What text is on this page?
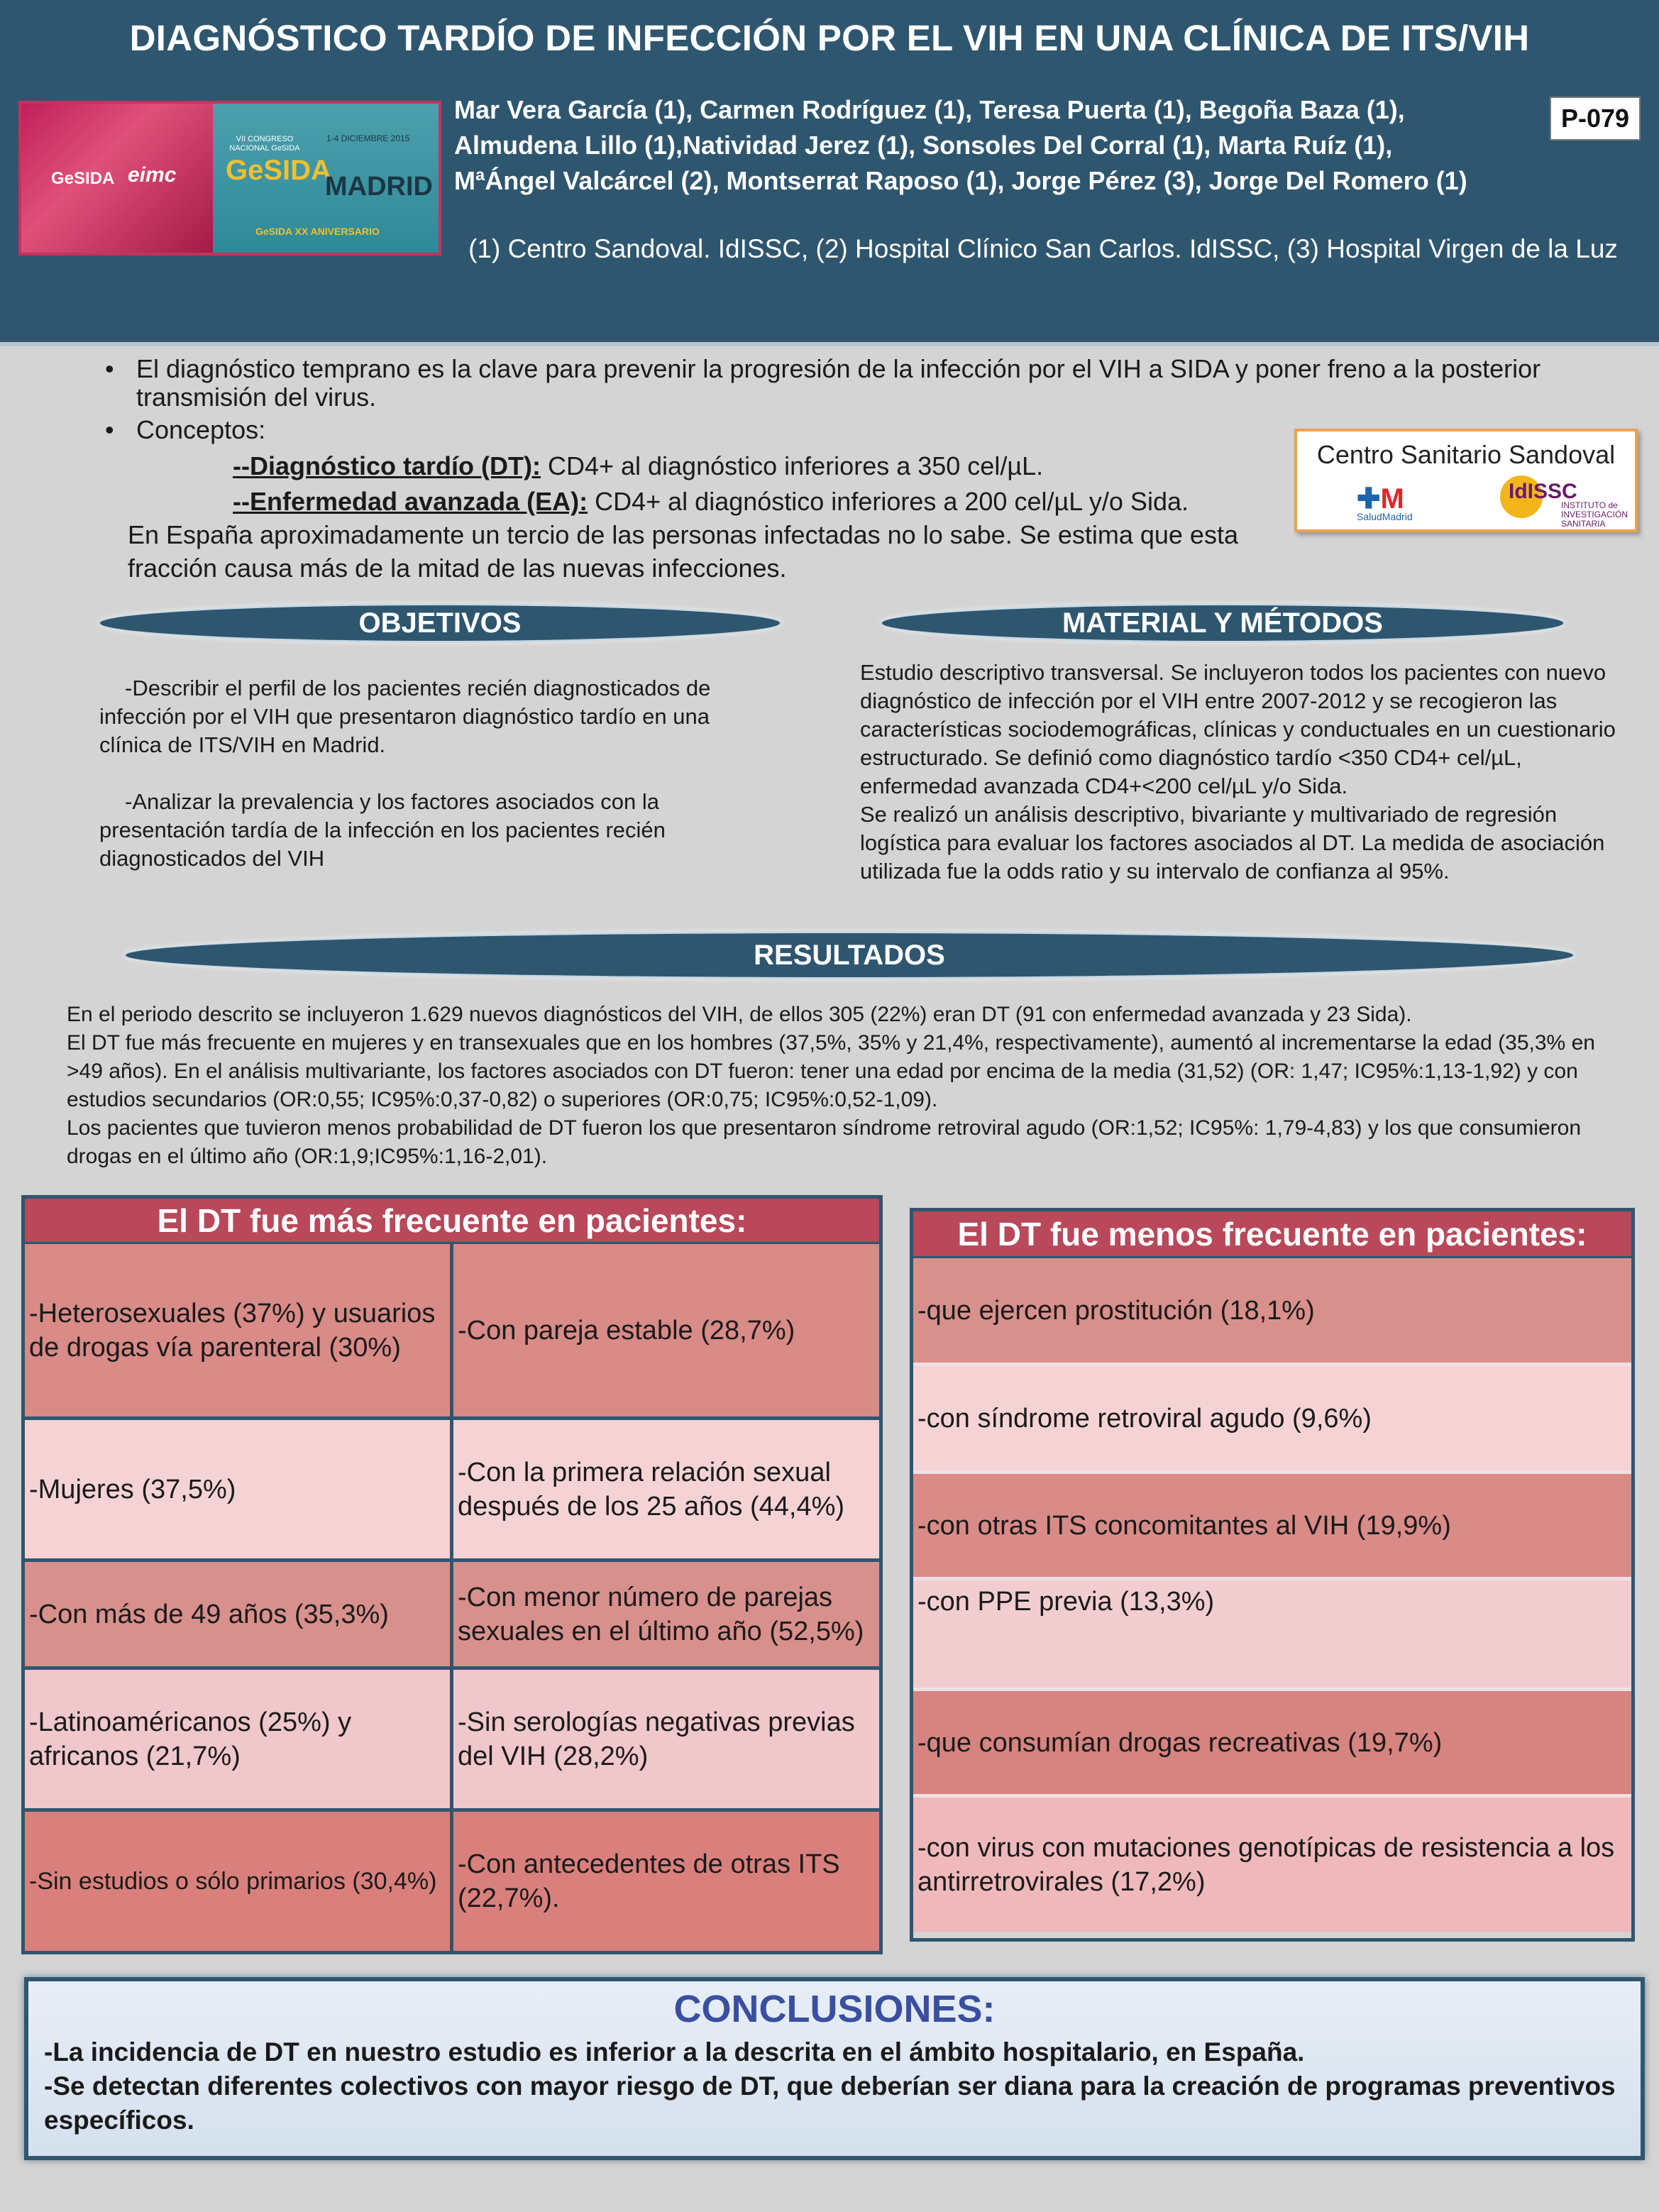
DIAGNÓSTICO TARDÍO DE INFECCIÓN POR EL VIH EN UNA CLÍNICA DE ITS/VIH
GeSIDA eimc
VII CONGRESO NACIONAL GeSIDA
GeSIDA
1-4 DICIEMBRE 2015
MADRID
GeSIDA XX ANIVERSARIO
Mar Vera García (1), Carmen Rodríguez (1), Teresa Puerta (1), Begoña Baza (1),
Almudena Lillo (1),Natividad Jerez (1), Sonsoles Del Corral (1), Marta Ruíz (1),
MªÁngel Valcárcel (2), Montserrat Raposo (1), Jorge Pérez (3), Jorge Del Romero (1)
(1) Centro Sandoval. IdISSC, (2) Hospital Clínico San Carlos. IdISSC, (3) Hospital Virgen de la Luz
P-079
• El diagnóstico temprano es la clave para prevenir la progresión de la infección por el VIH a SIDA y poner freno a la posterior transmisión del virus.
• Conceptos:
--Diagnóstico tardío (DT): CD4+ al diagnóstico inferiores a 350 cel/µL.
--Enfermedad avanzada (EA): CD4+ al diagnóstico inferiores a 200 cel/µL y/o Sida.
En España aproximadamente un tercio de las personas infectadas no lo sabe. Se estima que esta fracción causa más de la mitad de las nuevas infecciones.
Centro Sanitario Sandoval
✚M
SaludMadrid
IdISSC
INSTITUTO de INVESTIGACIÓN SANITARIA
OBJETIVOS

-Describir el perfil de los pacientes recién diagnosticados de infección por el VIH que presentaron diagnóstico tardío en una clínica de ITS/VIH en Madrid.

-Analizar la prevalencia y los factores asociados con la presentación tardía de la infección en los pacientes recién diagnosticados del VIH

MATERIAL Y MÉTODOS

Estudio descriptivo transversal. Se incluyeron todos los pacientes con nuevo diagnóstico de infección por el VIH entre 2007-2012 y se recogieron las características sociodemográficas, clínicas y conductuales en un cuestionario estructurado. Se definió como diagnóstico tardío <350 CD4+ cel/µL, enfermedad avanzada CD4+<200 cel/µL y/o Sida.

Se realizó un análisis descriptivo, bivariante y multivariado de regresión logística para evaluar los factores asociados al DT. La medida de asociación utilizada fue la odds ratio y su intervalo de confianza al 95%.

RESULTADOS

En el periodo descrito se incluyeron 1.629 nuevos diagnósticos del VIH, de ellos 305 (22%) eran DT (91 con enfermedad avanzada y 23 Sida).

El DT fue más frecuente en mujeres y en transexuales que en los hombres (37,5%, 35% y 21,4%, respectivamente), aumentó al incrementarse la edad (35,3% en >49 años). En el análisis multivariante, los factores asociados con DT fueron: tener una edad por encima de la media (31,52) (OR: 1,47; IC95%:1,13-1,92) y con estudios secundarios (OR:0,55; IC95%:0,37-0,82) o superiores (OR:0,75; IC95%:0,52-1,09).

Los pacientes que tuvieron menos probabilidad de DT fueron los que presentaron síndrome retroviral agudo (OR:1,52; IC95%: 1,79-4,83) y los que consumieron drogas en el último año (OR:1,9;IC95%:1,16-2,01).

El DT fue más frecuente en pacientes:
-Heterosexuales (37%) y usuarios de drogas vía parenteral (30%)
-Con pareja estable (28,7%)
-Mujeres (37,5%)
-Con la primera relación sexual después de los 25 años (44,4%)
-Con más de 49 años (35,3%)
-Con menor número de parejas sexuales en el último año (52,5%)
-Latinoaméricanos (25%) y africanos (21,7%)
-Sin serologías negativas previas del VIH (28,2%)
-Sin estudios o sólo primarios (30,4%)
-Con antecedentes de otras ITS (22,7%).
El DT fue menos frecuente en pacientes:
-que ejercen prostitución (18,1%)
-con síndrome retroviral agudo (9,6%)
-con otras ITS concomitantes al VIH (19,9%)
-con PPE previa (13,3%)
-que consumían drogas recreativas (19,7%)
-con virus con mutaciones genotípicas de resistencia a los antirretrovirales (17,2%)
CONCLUSIONES:

-La incidencia de DT en nuestro estudio es inferior a la descrita en el ámbito hospitalario, en España.

-Se detectan diferentes colectivos con mayor riesgo de DT, que deberían ser diana para la creación de programas preventivos específicos.
